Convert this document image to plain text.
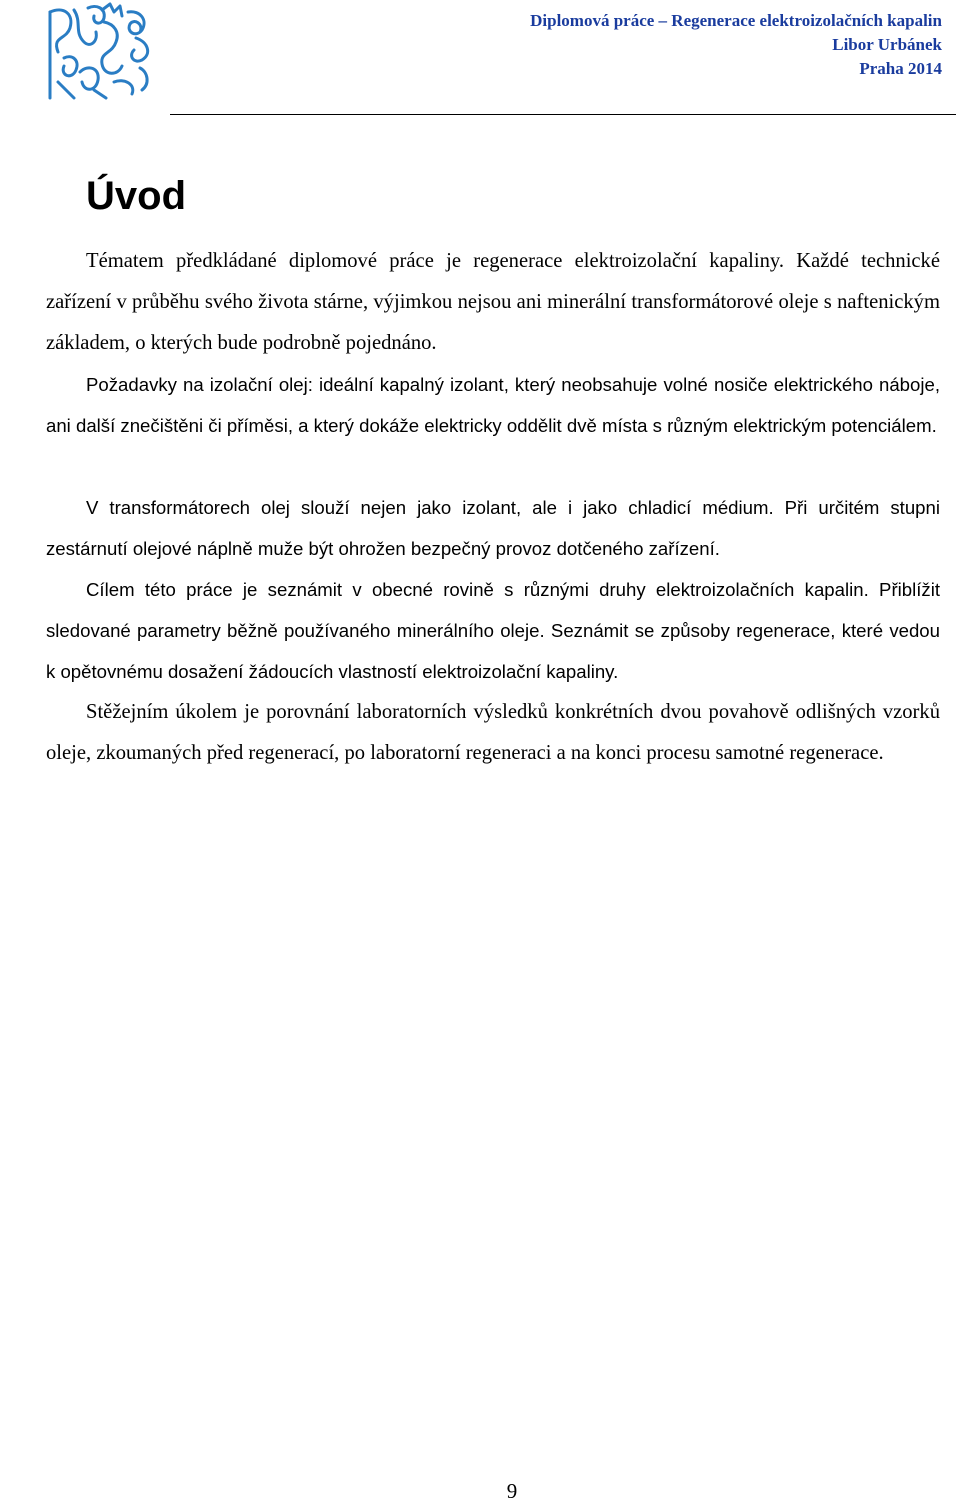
Diplomová práce – Regenerace elektroizolačních kapalin
Libor Urbánek
Praha 2014
Úvod

Tématem předkládané diplomové práce je regenerace elektroizolační kapaliny. Každé technické zařízení v průběhu svého života stárne, výjimkou nejsou ani minerální transformátorové oleje s naftenickým základem, o kterých bude podrobně pojednáno.

Požadavky na izolační olej: ideální kapalný izolant, který neobsahuje volné nosiče elektrického náboje, ani další znečištěni či příměsi, a který dokáže elektricky oddělit dvě místa s různým elektrickým potenciálem.

V transformátorech olej slouží nejen jako izolant, ale i jako chladicí médium. Při určitém stupni zestárnutí olejové náplně muže být ohrožen bezpečný provoz dotčeného zařízení.

Cílem této práce je seznámit v obecné rovině s různými druhy elektroizolačních kapalin. Přiblížit sledované parametry běžně používaného minerálního oleje. Seznámit se způsoby regenerace, které vedou k opětovnému dosažení žádoucích vlastností elektroizolační kapaliny.

Stěžejním úkolem je porovnání laboratorních výsledků konkrétních dvou povahově odlišných vzorků oleje, zkoumaných před regenerací, po laboratorní regeneraci a na konci procesu samotné regenerace.

9
